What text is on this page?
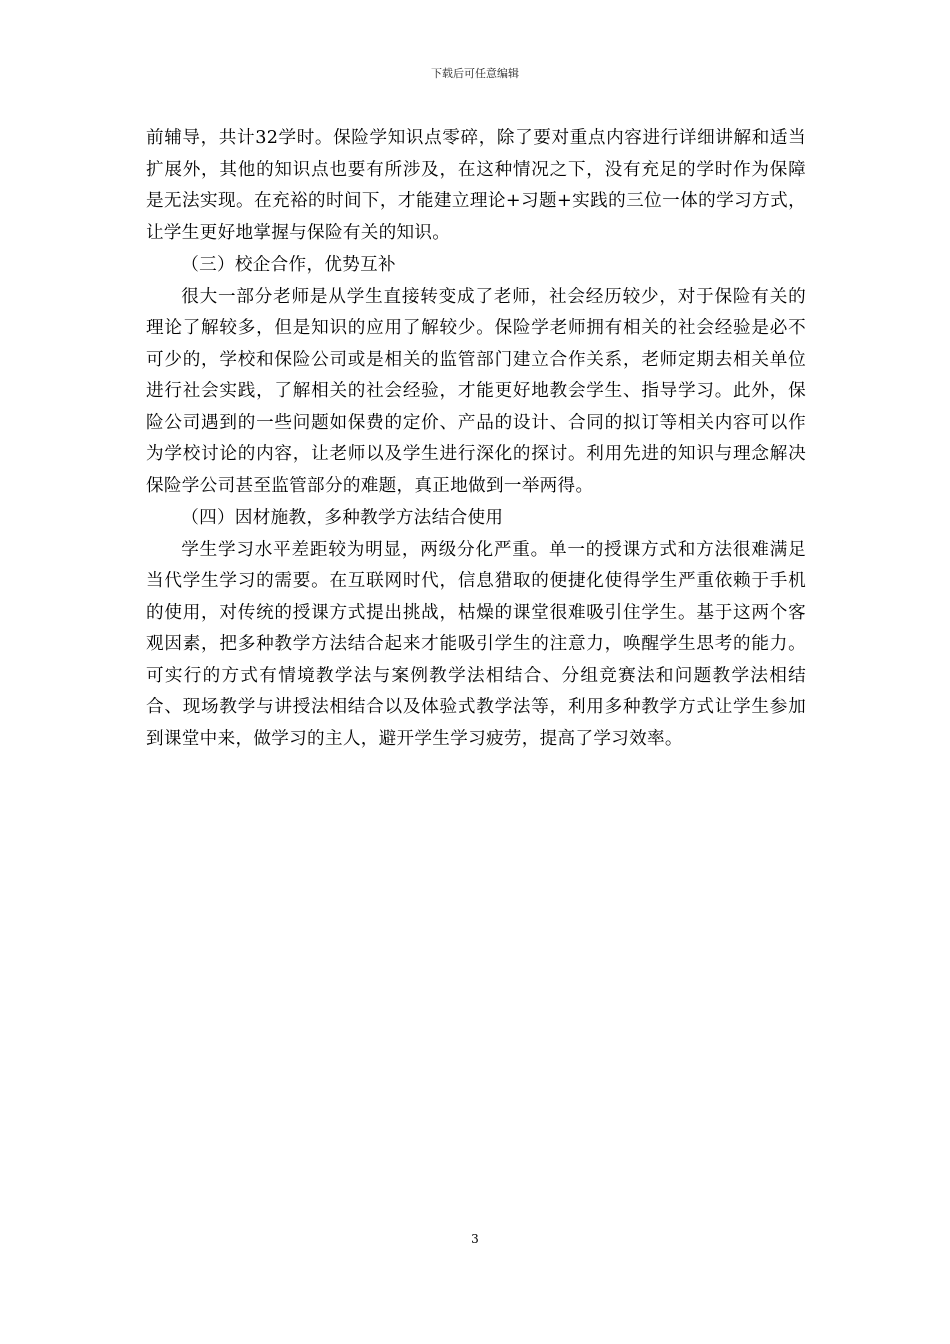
下载后可任意编辑

前辅导，共计32学时。保险学知识点零碎，除了要对重点内容进行详细讲解和适当扩展外，其他的知识点也要有所涉及，在这种情况之下，没有充足的学时作为保障是无法实现。在充裕的时间下，才能建立理论+习题+实践的三位一体的学习方式，让学生更好地掌握与保险有关的知识。

（三）校企合作，优势互补

很大一部分老师是从学生直接转变成了老师，社会经历较少，对于保险有关的理论了解较多，但是知识的应用了解较少。保险学老师拥有相关的社会经验是必不可少的，学校和保险公司或是相关的监管部门建立合作关系，老师定期去相关单位进行社会实践，了解相关的社会经验，才能更好地教会学生、指导学习。此外，保险公司遇到的一些问题如保费的定价、产品的设计、合同的拟订等相关内容可以作为学校讨论的内容，让老师以及学生进行深化的探讨。利用先进的知识与理念解决保险学公司甚至监管部分的难题，真正地做到一举两得。

（四）因材施教，多种教学方法结合使用

学生学习水平差距较为明显，两级分化严重。单一的授课方式和方法很难满足当代学生学习的需要。在互联网时代，信息猎取的便捷化使得学生严重依赖于手机的使用，对传统的授课方式提出挑战，枯燥的课堂很难吸引住学生。基于这两个客观因素，把多种教学方法结合起来才能吸引学生的注意力，唤醒学生思考的能力。可实行的方式有情境教学法与案例教学法相结合、分组竞赛法和问题教学法相结合、现场教学与讲授法相结合以及体验式教学法等，利用多种教学方式让学生参加到课堂中来，做学习的主人，避开学生学习疲劳，提高了学习效率。

3
